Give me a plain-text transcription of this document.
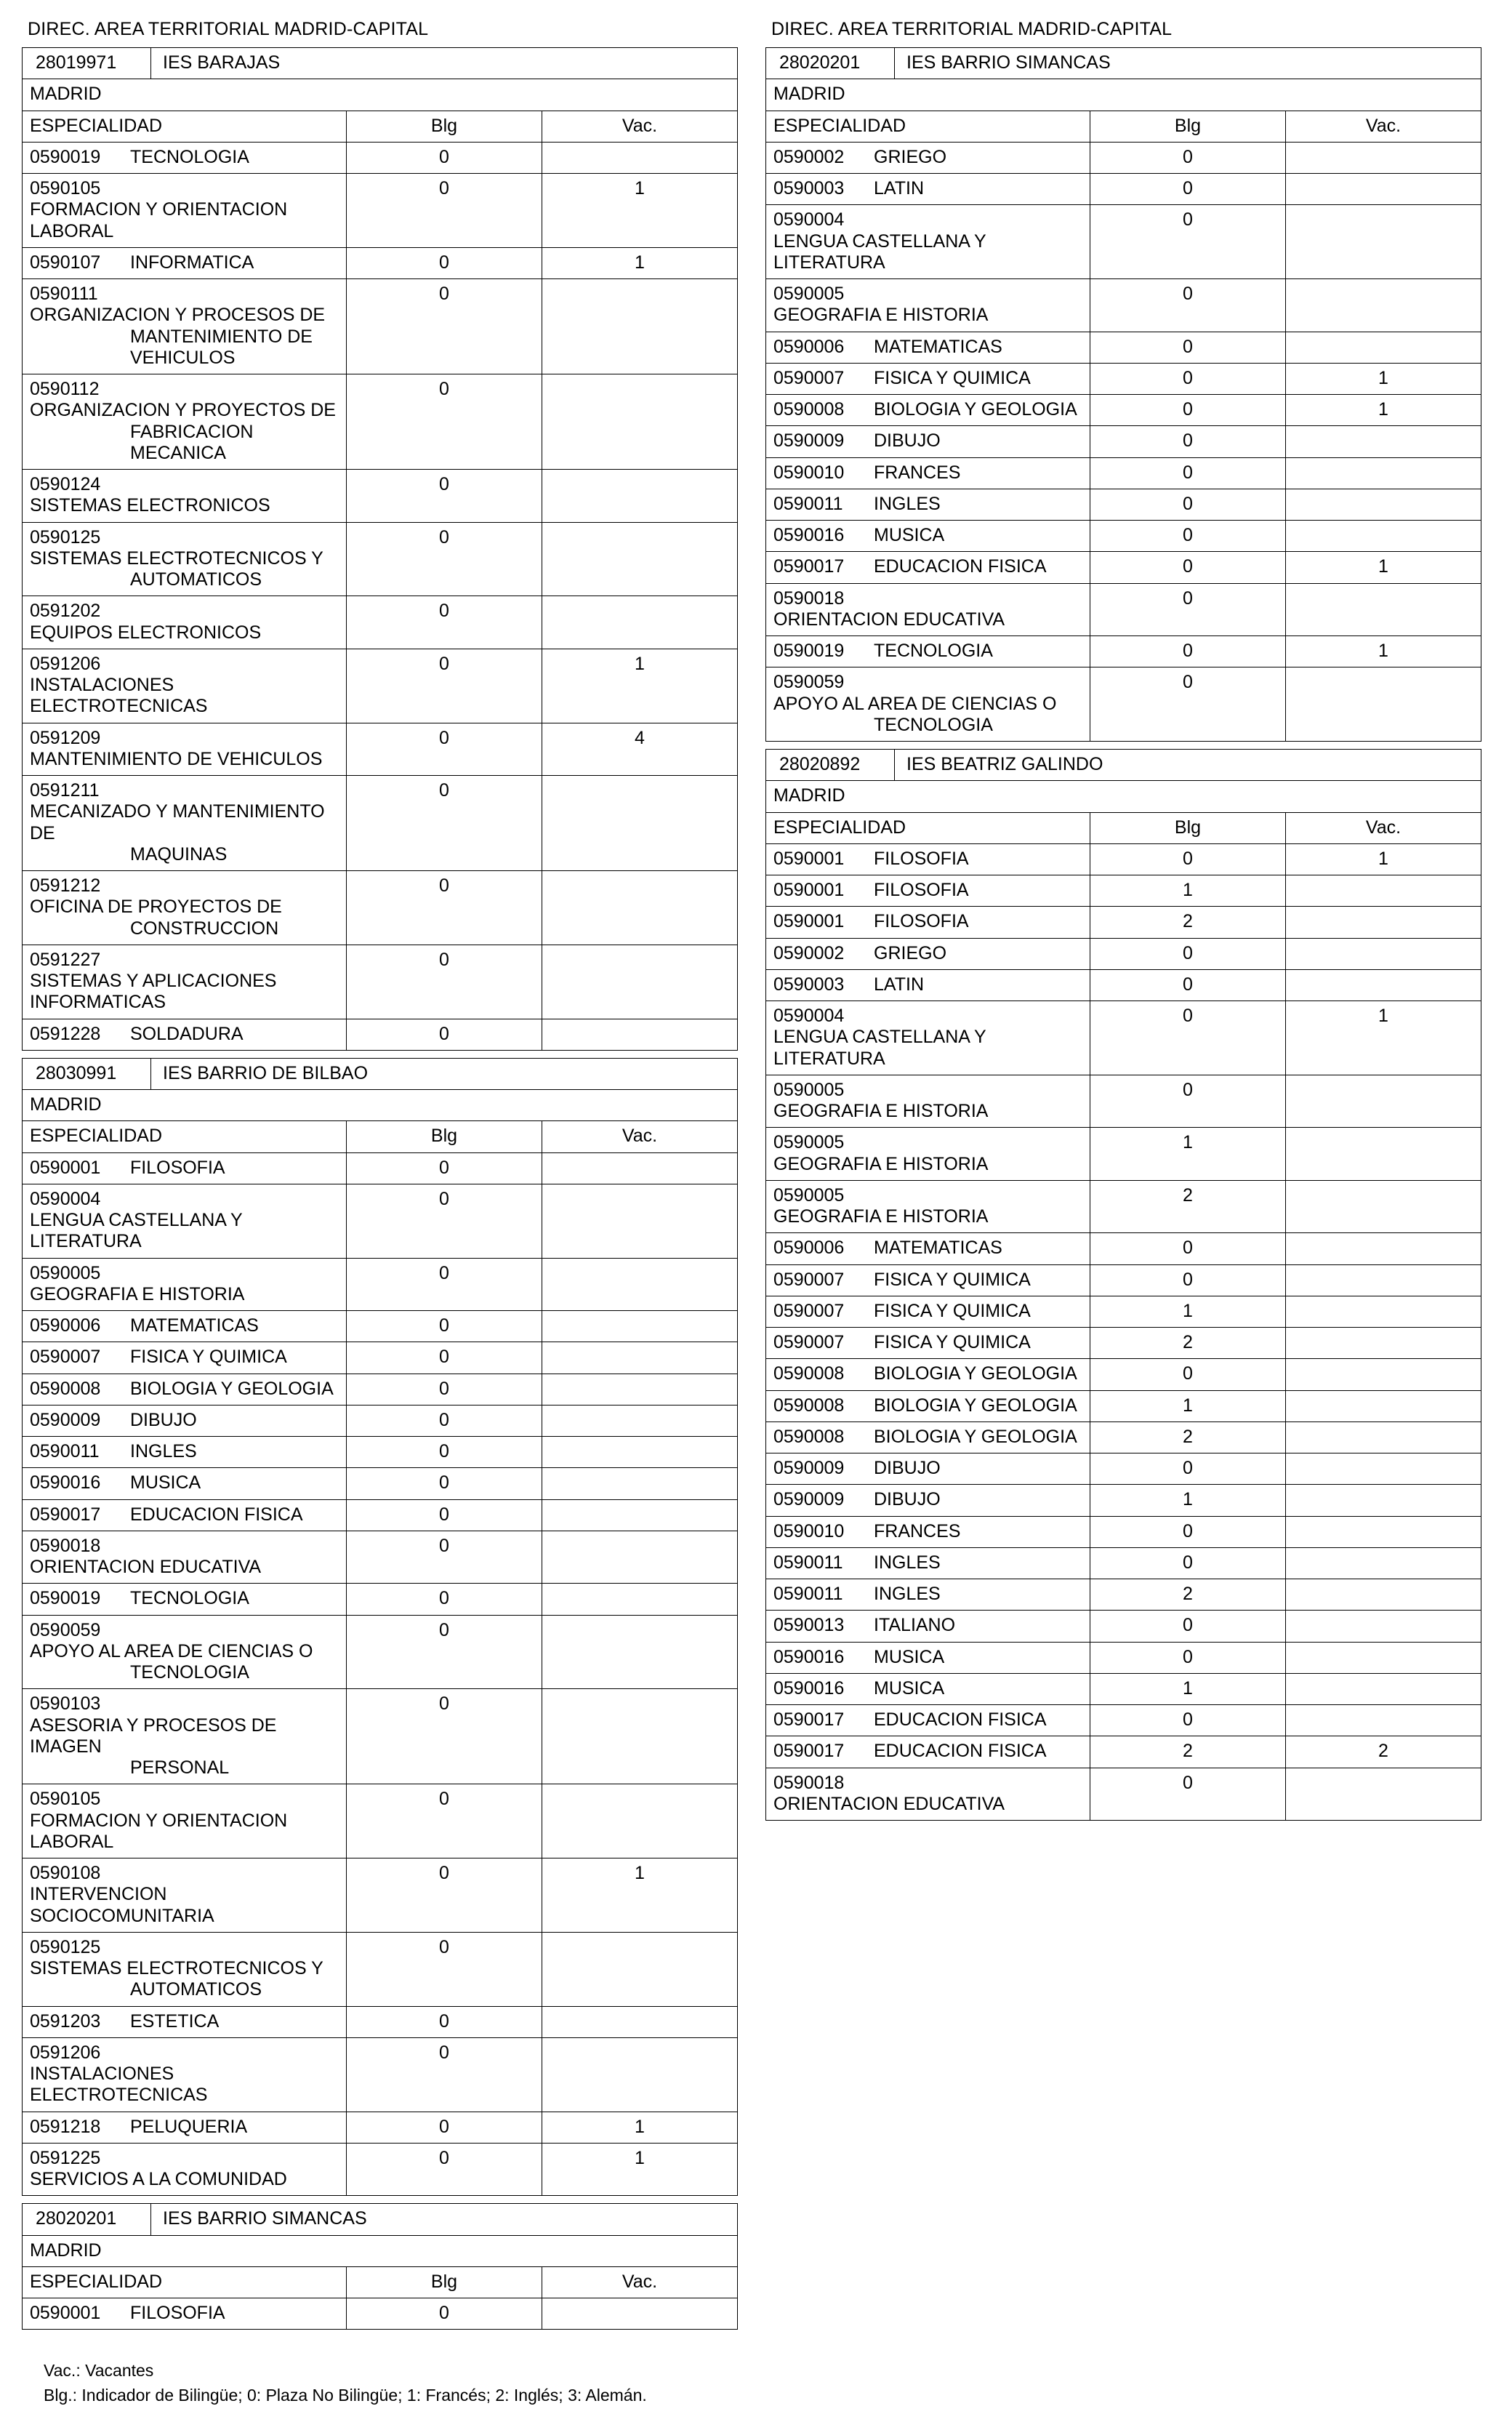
DIREC. AREA TERRITORIAL MADRID-CAPITAL
28019971	IES BARAJAS		
MADRID			
ESPECIALIDAD		Blg	Vac.
0590019 TECNOLOGIA		0	
0590105FORMACION Y ORIENTACION LABORAL		0	1
0590107 INFORMATICA		0	1
0590111ORGANIZACION Y PROCESOS DE
MANTENIMIENTO DE VEHICULOS		0	
0590112ORGANIZACION Y PROYECTOS DE
FABRICACION MECANICA		0	
0590124SISTEMAS ELECTRONICOS		0	
0590125SISTEMAS ELECTROTECNICOS Y
AUTOMATICOS		0	
0591202EQUIPOS ELECTRONICOS		0	
0591206INSTALACIONES ELECTROTECNICAS		0	1
0591209MANTENIMIENTO DE VEHICULOS		0	4
0591211MECANIZADO Y MANTENIMIENTO DE
MAQUINAS		0	
0591212OFICINA DE PROYECTOS DE
CONSTRUCCION		0	
0591227SISTEMAS Y APLICACIONES INFORMATICAS		0	
0591228 SOLDADURA		0	
28030991	IES BARRIO DE BILBAO		
MADRID			
ESPECIALIDAD		Blg	Vac.
0590001 FILOSOFIA		0	
0590004LENGUA CASTELLANA Y LITERATURA		0	
0590005GEOGRAFIA E HISTORIA		0	
0590006 MATEMATICAS		0	
0590007 FISICA Y QUIMICA		0	
0590008 BIOLOGIA Y GEOLOGIA		0	
0590009 DIBUJO		0	
0590011 INGLES		0	
0590016 MUSICA		0	
0590017 EDUCACION FISICA		0	
0590018ORIENTACION EDUCATIVA		0	
0590019 TECNOLOGIA		0	
0590059APOYO AL AREA DE CIENCIAS O
TECNOLOGIA		0	
0590103ASESORIA Y PROCESOS DE IMAGEN
PERSONAL		0	
0590105FORMACION Y ORIENTACION LABORAL		0	
0590108INTERVENCION SOCIOCOMUNITARIA		0	1
0590125SISTEMAS ELECTROTECNICOS Y
AUTOMATICOS		0	
0591203 ESTETICA		0	
0591206INSTALACIONES ELECTROTECNICAS		0	
0591218 PELUQUERIA		0	1
0591225SERVICIOS A LA COMUNIDAD		0	1
28020201	IES BARRIO SIMANCAS		
MADRID			
ESPECIALIDAD		Blg	Vac.
0590001 FILOSOFIA		0	
DIREC. AREA TERRITORIAL MADRID-CAPITAL
28020201	IES BARRIO SIMANCAS		
MADRID			
ESPECIALIDAD		Blg	Vac.
0590002 GRIEGO		0	
0590003 LATIN		0	
0590004LENGUA CASTELLANA Y LITERATURA		0	
0590005GEOGRAFIA E HISTORIA		0	
0590006 MATEMATICAS		0	
0590007 FISICA Y QUIMICA		0	1
0590008 BIOLOGIA Y GEOLOGIA		0	1
0590009 DIBUJO		0	
0590010 FRANCES		0	
0590011 INGLES		0	
0590016 MUSICA		0	
0590017 EDUCACION FISICA		0	1
0590018ORIENTACION EDUCATIVA		0	
0590019 TECNOLOGIA		0	1
0590059APOYO AL AREA DE CIENCIAS O
TECNOLOGIA		0	
28020892	IES BEATRIZ GALINDO		
MADRID			
ESPECIALIDAD		Blg	Vac.
0590001 FILOSOFIA		0	1
0590001 FILOSOFIA		1	
0590001 FILOSOFIA		2	
0590002 GRIEGO		0	
0590003 LATIN		0	
0590004LENGUA CASTELLANA Y LITERATURA		0	1
0590005GEOGRAFIA E HISTORIA		0	
0590005GEOGRAFIA E HISTORIA		1	
0590005GEOGRAFIA E HISTORIA		2	
0590006 MATEMATICAS		0	
0590007 FISICA Y QUIMICA		0	
0590007 FISICA Y QUIMICA		1	
0590007 FISICA Y QUIMICA		2	
0590008 BIOLOGIA Y GEOLOGIA		0	
0590008 BIOLOGIA Y GEOLOGIA		1	
0590008 BIOLOGIA Y GEOLOGIA		2	
0590009 DIBUJO		0	
0590009 DIBUJO		1	
0590010 FRANCES		0	
0590011 INGLES		0	
0590011 INGLES		2	
0590013 ITALIANO		0	
0590016 MUSICA		0	
0590016 MUSICA		1	
0590017 EDUCACION FISICA		0	
0590017 EDUCACION FISICA		2	2
0590018ORIENTACION EDUCATIVA		0	
Vac.: Vacantes
Blg.: Indicador de Bilingüe; 0: Plaza No Bilingüe; 1: Francés; 2: Inglés; 3: Alemán.
